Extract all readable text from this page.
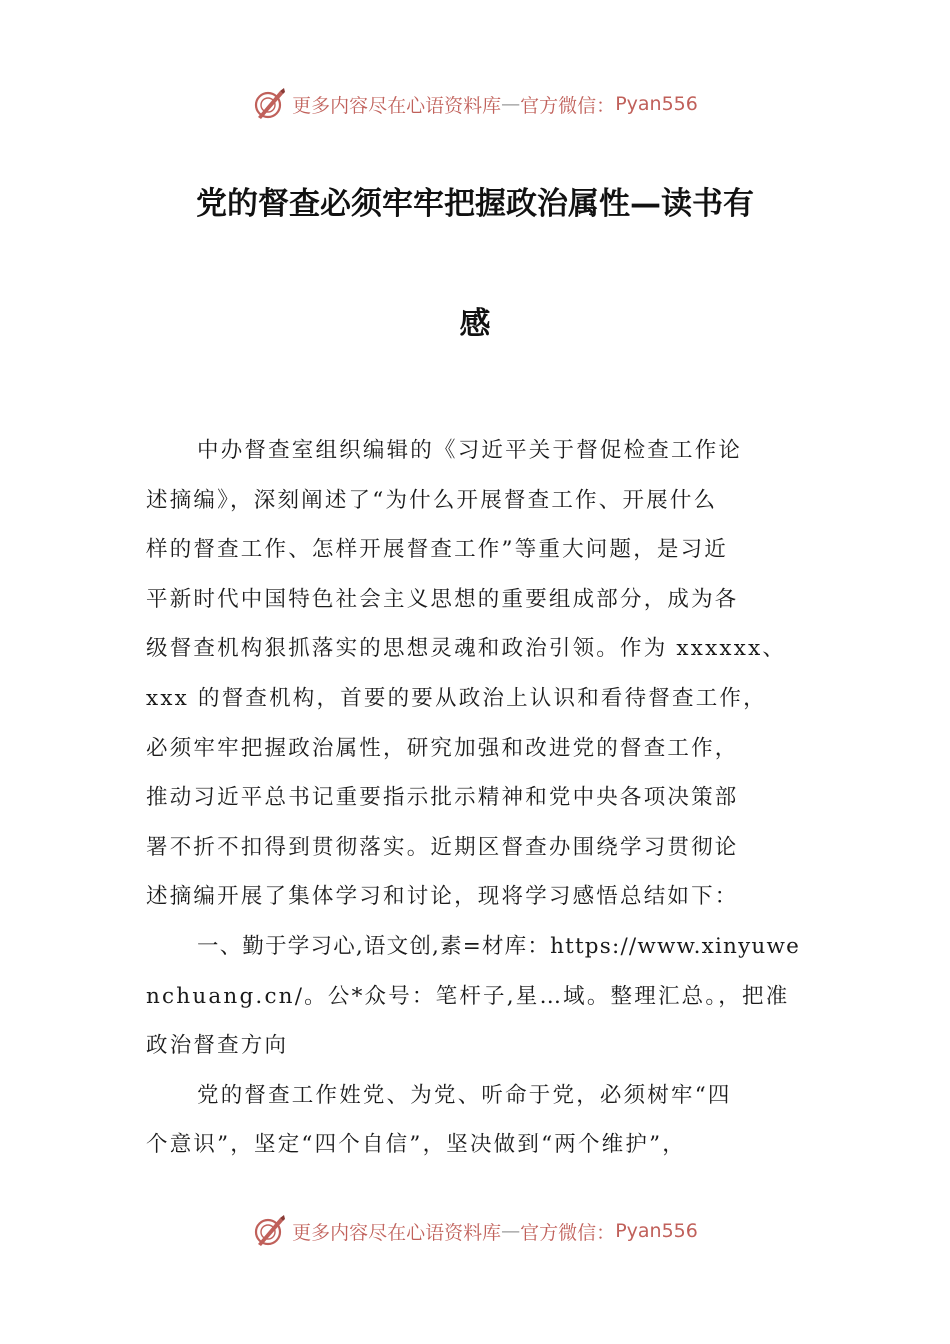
更多内容尽在心语资料库 — 官方微信： Pyan556
党的督查必须牢牢把握政治属性—读书有
感
中办督查室组织编辑的《习近平关于督促检查工作论
述摘编》，深刻阐述了“为什么开展督查工作、开展什么
样的督查工作、怎样开展督查工作”等重大问题，是习近
平新时代中国特色社会主义思想的重要组成部分，成为各
级督查机构狠抓落实的思想灵魂和政治引领。作为 xxxxxx、
xxx 的督查机构，首要的要从政治上认识和看待督查工作，
必须牢牢把握政治属性，研究加强和改进党的督查工作，
推动习近平总书记重要指示批示精神和党中央各项决策部
署不折不扣得到贯彻落实。近期区督查办围绕学习贯彻论
述摘编开展了集体学习和讨论，现将学习感悟总结如下：
一、勤于学习心,语文创,素=材库：https://www.xinyuwe
nchuang.cn/。公*众号：笔杆子,星…域。整理汇总。，把准
政治督查方向
党的督查工作姓党、为党、听命于党，必须树牢“四
个意识”，坚定“四个自信”，坚决做到“两个维护”，
更多内容尽在心语资料库 — 官方微信： Pyan556
